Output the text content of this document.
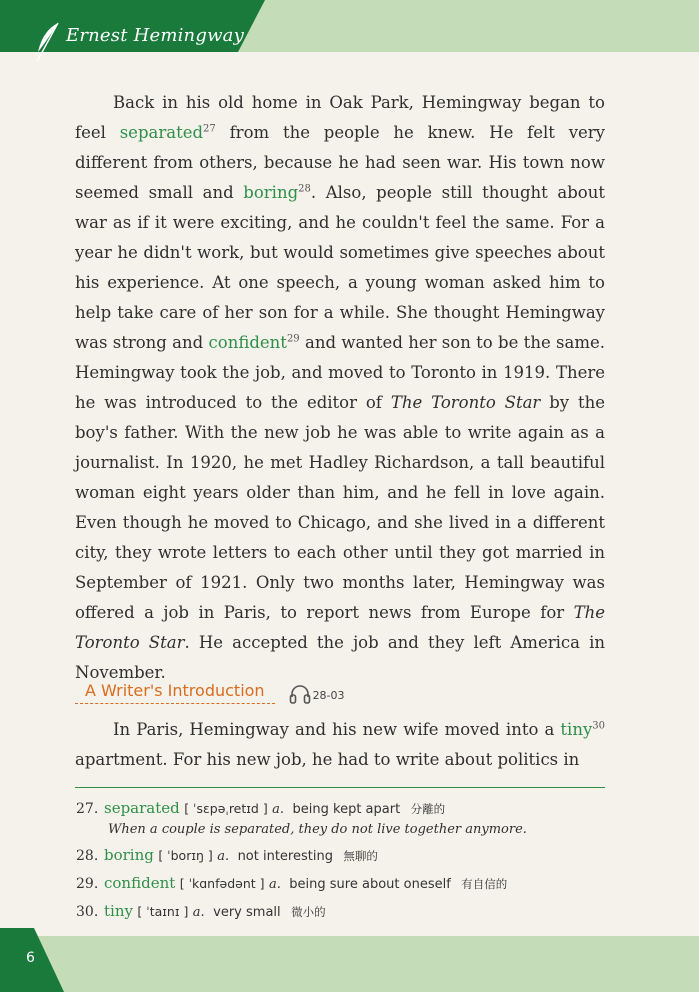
Ernest Hemingway

Back in his old home in Oak Park, Hemingway began to feel separated$^{27}$ from the people he knew. He felt very different from others, because he had seen war. His town now seemed small and boring$^{28}$. Also, people still thought about war as if it were exciting, and he couldn't feel the same. For a year he didn't work, but would sometimes give speeches about his experience. At one speech, a young woman asked him to help take care of her son for a while. She thought Hemingway was strong and confident$^{29}$ and wanted her son to be the same. Hemingway took the job, and moved to Toronto in 1919. There he was introduced to the editor of The Toronto Star by the boy's father. With the new job he was able to write again as a journalist. In 1920, he met Hadley Richardson, a tall beautiful woman eight years older than him, and he fell in love again. Even though he moved to Chicago, and she lived in a different city, they wrote letters to each other until they got married in September of 1921. Only two months later, Hemingway was offered a job in Paris, to report news from Europe for The Toronto Star. He accepted the job and they left America in November.

A Writer's Introduction	28-03

In Paris, Hemingway and his new wife moved into a tiny$^{30}$ apartment. For his new job, he had to write about politics in

27. separated [ ˈsɛpəˌretɪd ] a. being kept apart 分離的
When a couple is separated, they do not live together anymore.
28. boring [ ˈborɪŋ ] a. not interesting 無聊的
29. confident [ ˈkɑnfədənt ] a. being sure about oneself 有自信的
30. tiny [ ˈtaɪnɪ ] a. very small 微小的
6
